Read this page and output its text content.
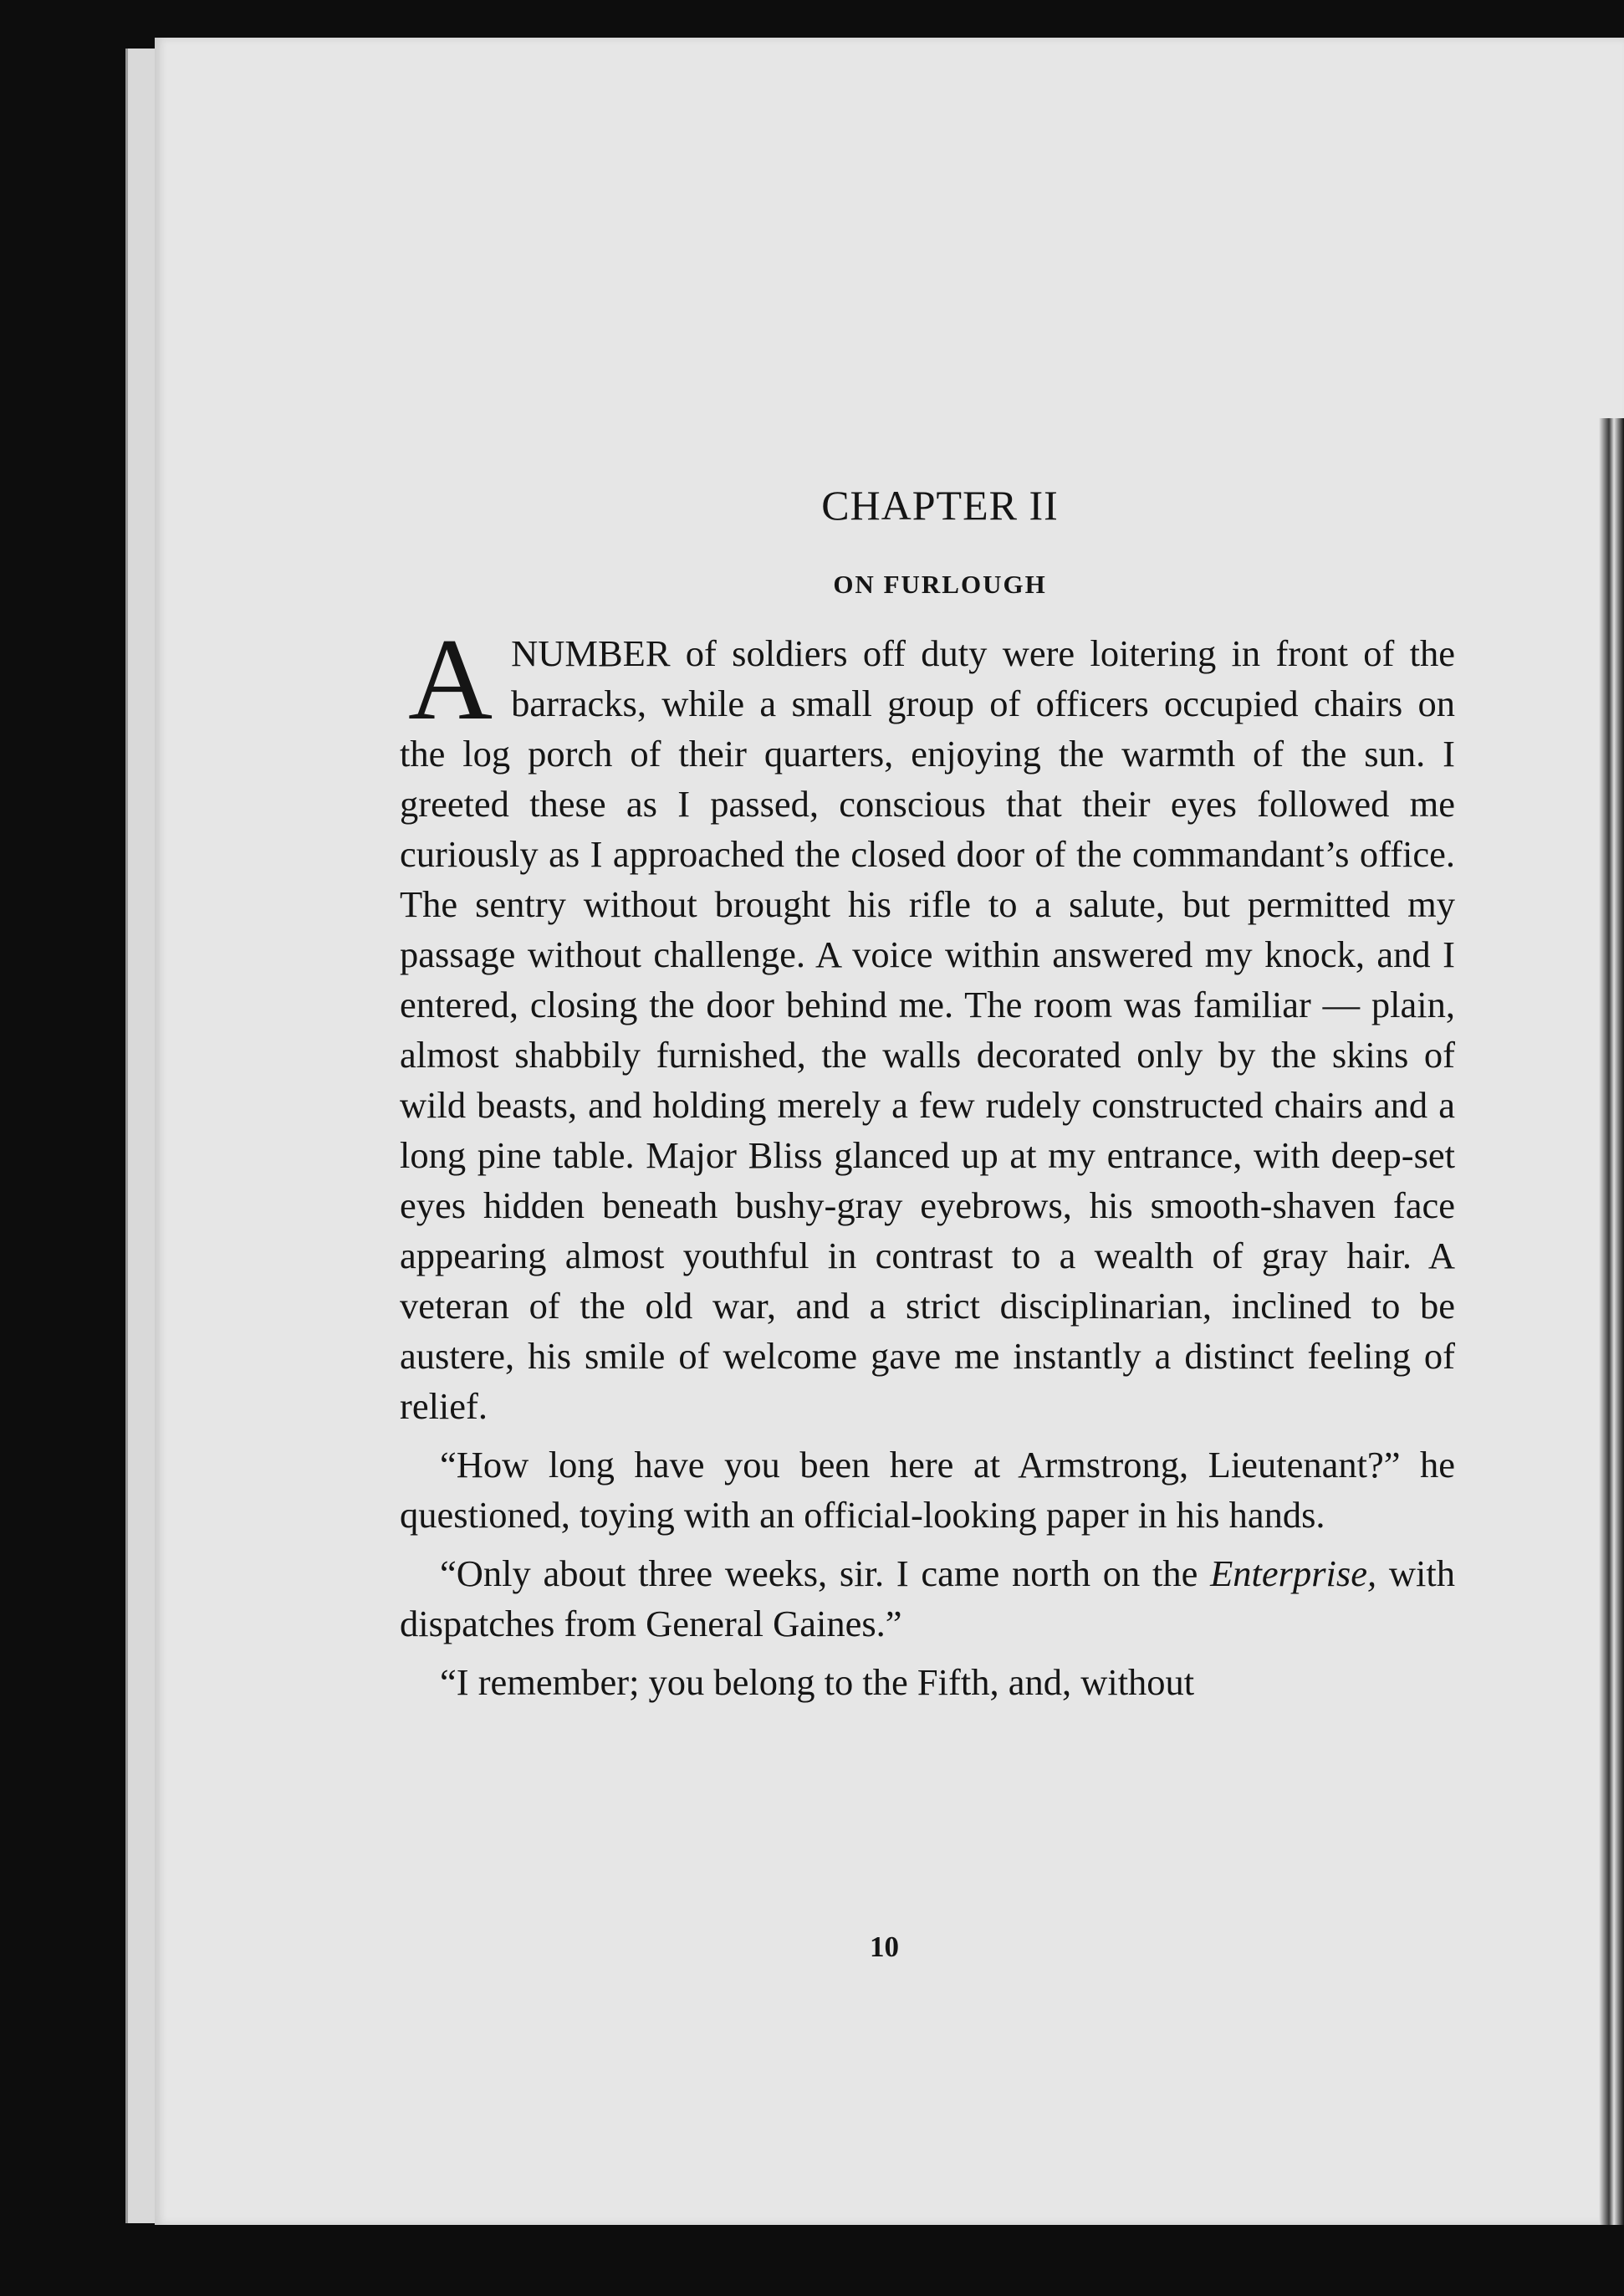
CHAPTER II
ON FURLOUGH

A NUMBER of soldiers off duty were loitering in front of the barracks, while a small group of officers occupied chairs on the log porch of their quarters, enjoying the warmth of the sun. I greeted these as I passed, conscious that their eyes followed me curiously as I approached the closed door of the commandant’s office. The sentry without brought his rifle to a salute, but permitted my passage without challenge. A voice within answered my knock, and I entered, closing the door behind me. The room was familiar — plain, almost shabbily furnished, the walls decorated only by the skins of wild beasts, and holding merely a few rudely constructed chairs and a long pine table. Major Bliss glanced up at my entrance, with deep-set eyes hidden beneath bushy-gray eyebrows, his smooth-shaven face appearing almost youthful in contrast to a wealth of gray hair. A veteran of the old war, and a strict disciplinarian, inclined to be austere, his smile of welcome gave me instantly a distinct feeling of relief.

“How long have you been here at Armstrong, Lieutenant?” he questioned, toying with an official-looking paper in his hands.

“Only about three weeks, sir. I came north on the Enterprise, with dispatches from General Gaines.”

“I remember; you belong to the Fifth, and, without

10
